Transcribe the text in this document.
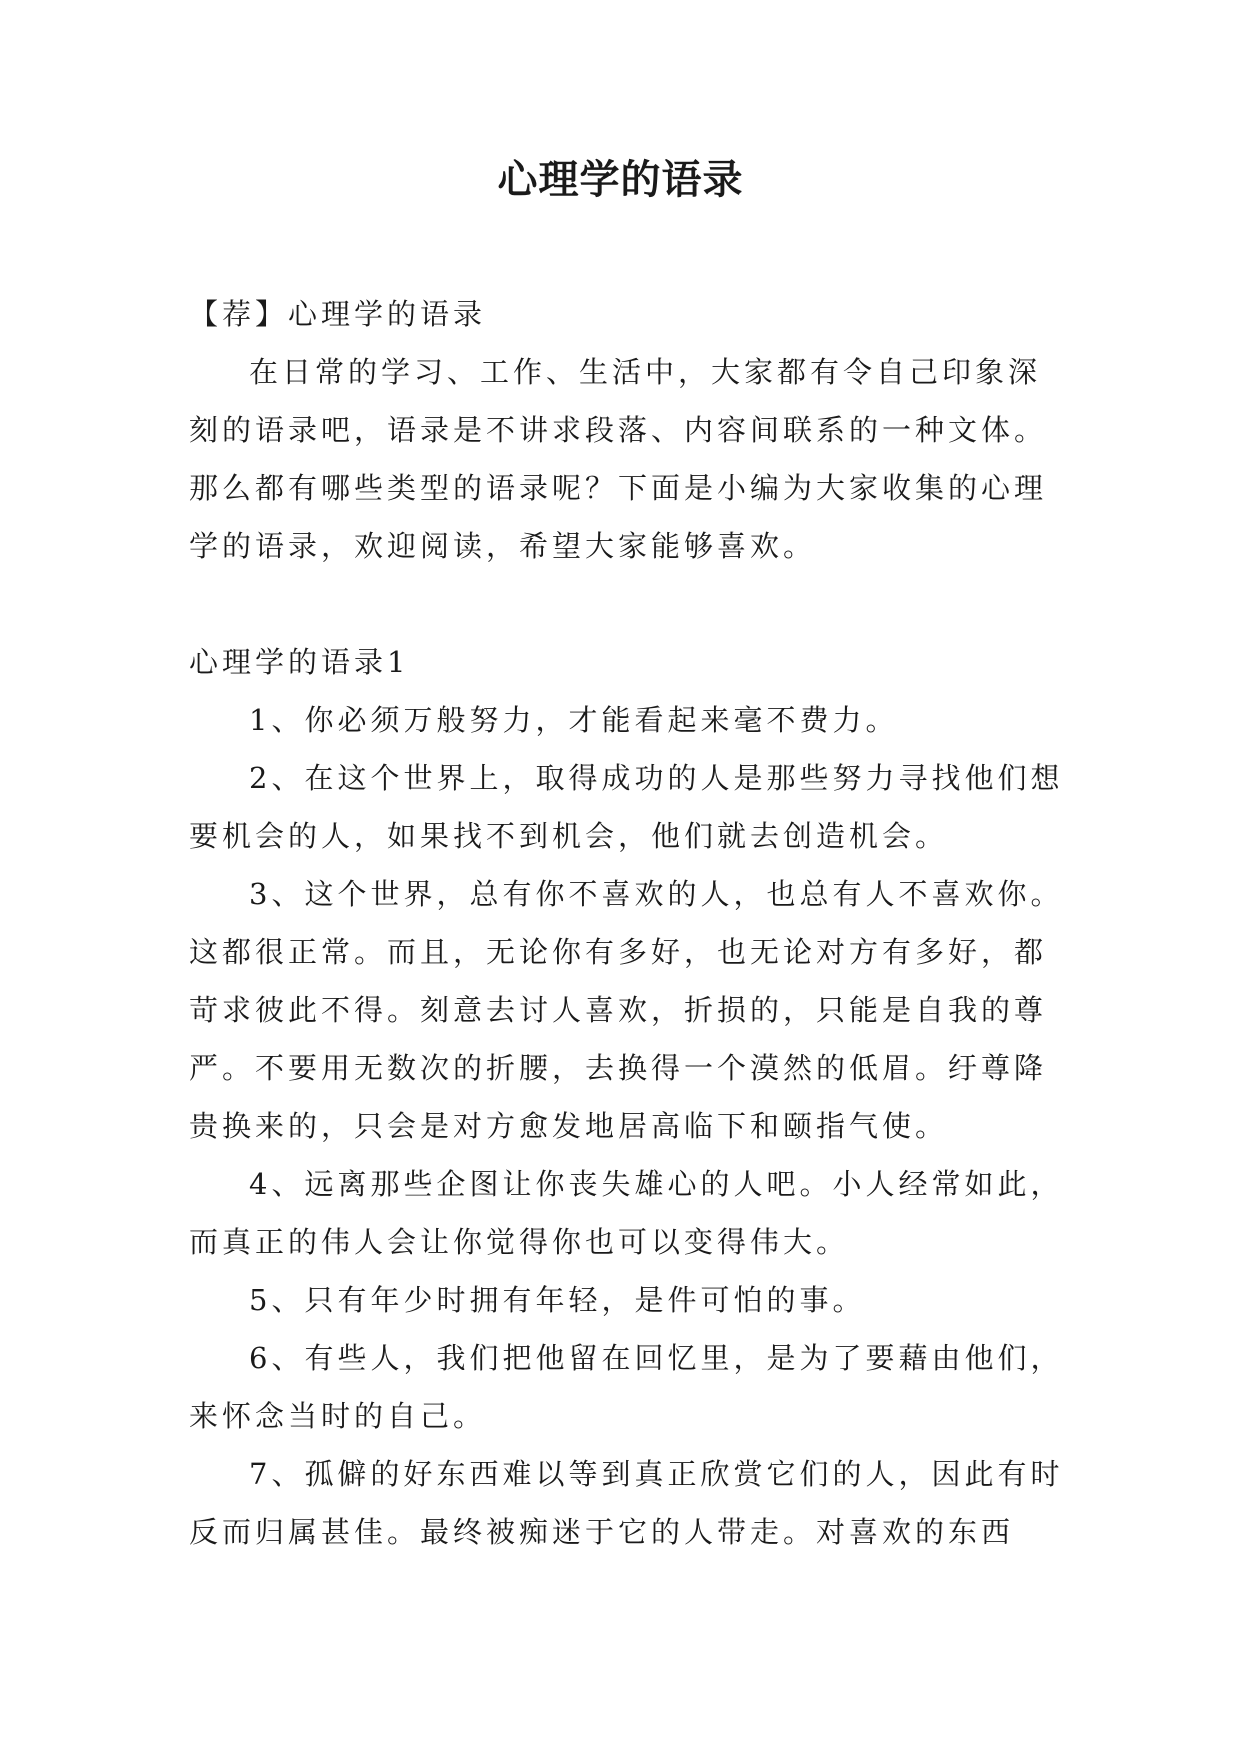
心理学的语录

【荐】心理学的语录

在日常的学习、工作、生活中，大家都有令自己印象深刻的语录吧，语录是不讲求段落、内容间联系的一种文体。那么都有哪些类型的语录呢？下面是小编为大家收集的心理学的语录，欢迎阅读，希望大家能够喜欢。

心理学的语录1

1、你必须万般努力，才能看起来毫不费力。

2、在这个世界上，取得成功的人是那些努力寻找他们想要机会的人，如果找不到机会，他们就去创造机会。

3、这个世界，总有你不喜欢的人，也总有人不喜欢你。这都很正常。而且，无论你有多好，也无论对方有多好，都苛求彼此不得。刻意去讨人喜欢，折损的，只能是自我的尊严。不要用无数次的折腰，去换得一个漠然的低眉。纡尊降贵换来的，只会是对方愈发地居高临下和颐指气使。

4、远离那些企图让你丧失雄心的人吧。小人经常如此，而真正的伟人会让你觉得你也可以变得伟大。

5、只有年少时拥有年轻，是件可怕的事。

6、有些人，我们把他留在回忆里，是为了要藉由他们，来怀念当时的自己。

7、孤僻的好东西难以等到真正欣赏它们的人，因此有时反而归属甚佳。最终被痴迷于它的人带走。对喜欢的东西
